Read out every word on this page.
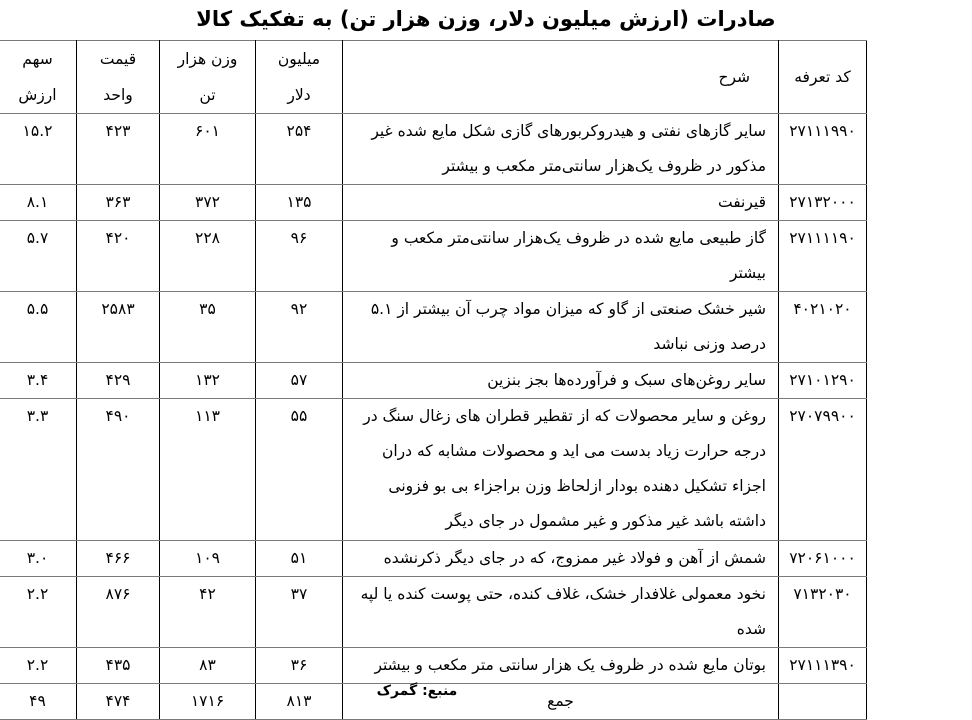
صادرات (ارزش میلیون دلار، وزن هزار تن) به تفکیک کالا
کد تعرفه	شرح	میلیون دلار	وزن هزار تن	قیمت واحد	سهم ارزش
۲۷۱۱۱۹۹۰	سایر گازهای نفتی و هیدروکربورهای گازی شکل مایع شده غیر مذکور در ظروف یک‌هزار سانتی‌متر مکعب و بیشتر	۲۵۴	۶۰۱	۴۲۳	۱۵.۲
۲۷۱۳۲۰۰۰	قیرنفت	۱۳۵	۳۷۲	۳۶۳	۸.۱
۲۷۱۱۱۱۹۰	گاز طبیعی مایع شده در ظروف یک‌هزار سانتی‌متر مکعب و بیشتر	۹۶	۲۲۸	۴۲۰	۵.۷
۴۰۲۱۰۲۰	شیر خشک صنعتی از گاو که میزان مواد چرب آن بیشتر از ۵.۱ درصد وزنی نباشد	۹۲	۳۵	۲۵۸۳	۵.۵
۲۷۱۰۱۲۹۰	سایر روغن‌های سبک و فرآورده‌ها بجز بنزین	۵۷	۱۳۲	۴۲۹	۳.۴
۲۷۰۷۹۹۰۰	روغن و سایر محصولات که از تقطیر قطران های زغال سنگ در درجه حرارت زیاد بدست می اید و محصولات مشابه که دران اجزاء تشکیل دهنده بودار ازلحاظ وزن براجزاء بی بو فزونی داشته باشد غیر مذکور و غیر مشمول در جای دیگر	۵۵	۱۱۳	۴۹۰	۳.۳
۷۲۰۶۱۰۰۰	شمش از آهن و فولاد غیر ممزوج، که در جای دیگر ذکرنشده	۵۱	۱۰۹	۴۶۶	۳.۰
۷۱۳۲۰۳۰	نخود معمولی غلافدار خشک، غلاف کنده، حتی پوست کنده یا لپه شده	۳۷	۴۲	۸۷۶	۲.۲
۲۷۱۱۱۳۹۰	بوتان مایع شده در ظروف یک هزار سانتی متر مکعب و بیشتر	۳۶	۸۳	۴۳۵	۲.۲
	جمع	۸۱۳	۱۷۱۶	۴۷۴	۴۹
منبع: گمرک
